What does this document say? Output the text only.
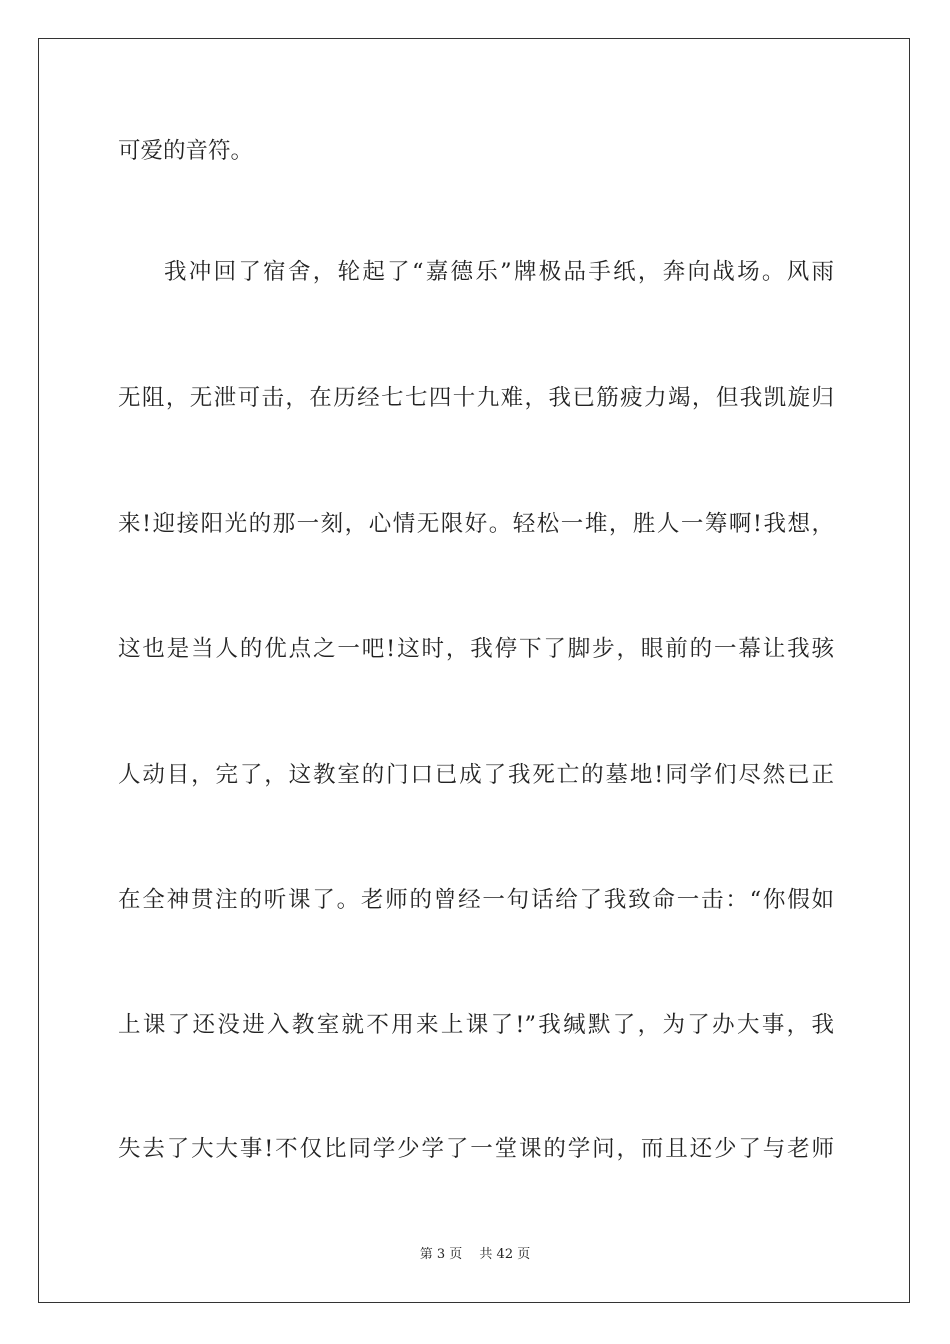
可爱的音符。
我冲回了宿舍，轮起了“嘉德乐”牌极品手纸，奔向战场。风雨
无阻，无泄可击，在历经七七四十九难，我已筋疲力竭，但我凯旋归
来!迎接阳光的那一刻，心情无限好。轻松一堆，胜人一筹啊!我想，
这也是当人的优点之一吧!这时，我停下了脚步，眼前的一幕让我骇
人动目，完了，这教室的门口已成了我死亡的墓地!同学们尽然已正
在全神贯注的听课了。老师的曾经一句话给了我致命一击：“你假如
上课了还没进入教室就不用来上课了!”我缄默了，为了办大事，我
失去了大大事!不仅比同学少学了一堂课的学问，而且还少了与老师
第 3 页　 共 42 页
